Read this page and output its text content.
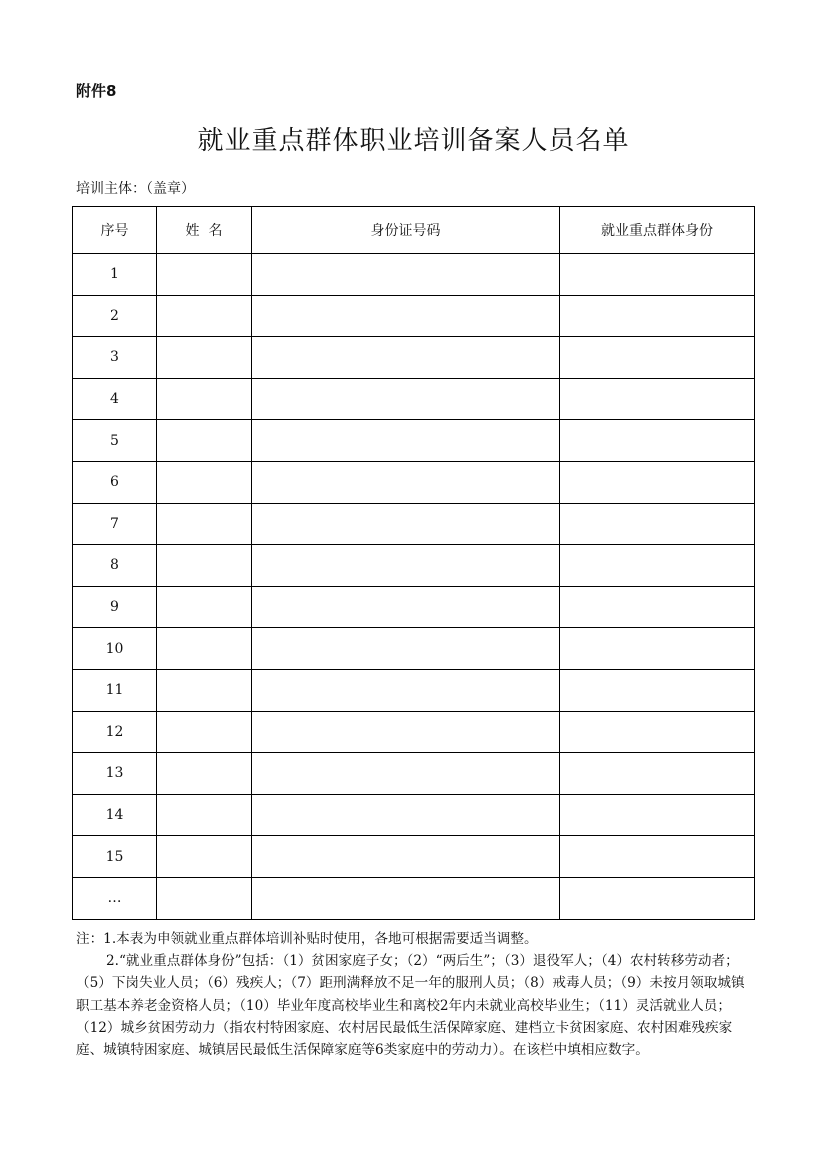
附件8
就业重点群体职业培训备案人员名单
培训主体：（盖章）
序号	姓  名	身份证号码	就业重点群体身份
1			
2			
3			
4			
5			
6			
7			
8			
9			
10			
11			
12			
13			
14			
15			
…			

注：1.本表为申领就业重点群体培训补贴时使用，各地可根据需要适当调整。

2.“就业重点群体身份”包括：（1）贫困家庭子女；（2）“两后生”；（3）退役军人；（4）农村转移劳动者；（5）下岗失业人员；（6）残疾人；（7）距刑满释放不足一年的服刑人员；（8）戒毒人员；（9）未按月领取城镇职工基本养老金资格人员；（10）毕业年度高校毕业生和离校2年内未就业高校毕业生；（11）灵活就业人员；（12）城乡贫困劳动力（指农村特困家庭、农村居民最低生活保障家庭、建档立卡贫困家庭、农村困难残疾家庭、城镇特困家庭、城镇居民最低生活保障家庭等6类家庭中的劳动力）。在该栏中填相应数字。
